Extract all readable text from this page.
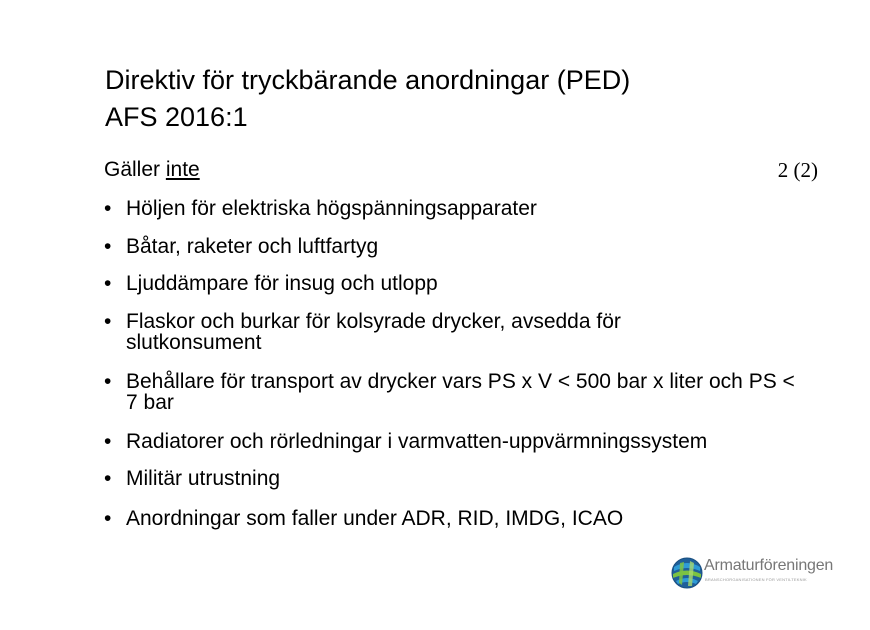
Direktiv för tryckbärande anordningar (PED)
AFS 2016:1
Gäller inte	2 (2)
• Höljen för elektriska högspänningsapparater
• Båtar, raketer och luftfartyg
• Ljuddämpare för insug och utlopp
• Flaskor och burkar för kolsyrade drycker, avsedda för slutkonsument
• Behållare för transport av drycker vars PS x V < 500 bar x liter och PS < 7 bar
• Radiatorer och rörledningar i varmvatten-uppvärmningssystem
• Militär utrustning
• Anordningar som faller under ADR, RID, IMDG, ICAO
Armaturföreningen
BRANSCHORGANISATIONEN FÖR VENTILTEKNIK
